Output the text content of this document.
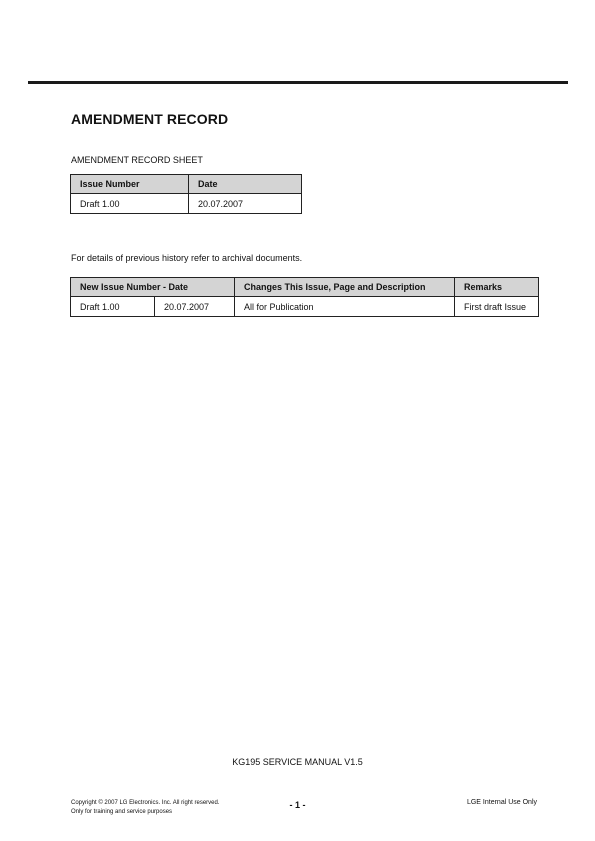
AMENDMENT RECORD
AMENDMENT RECORD SHEET
Issue Number	Date
Draft 1.00	20.07.2007
For details of previous history refer to archival documents.
New Issue Number - Date		Changes This Issue, Page and Description	Remarks
Draft 1.00	20.07.2007	All for Publication	First draft Issue
KG195 SERVICE MANUAL V1.5
Copyright © 2007 LG Electronics. Inc. All right reserved.
Only for training and service purposes
- 1 -	LGE Internal Use Only
